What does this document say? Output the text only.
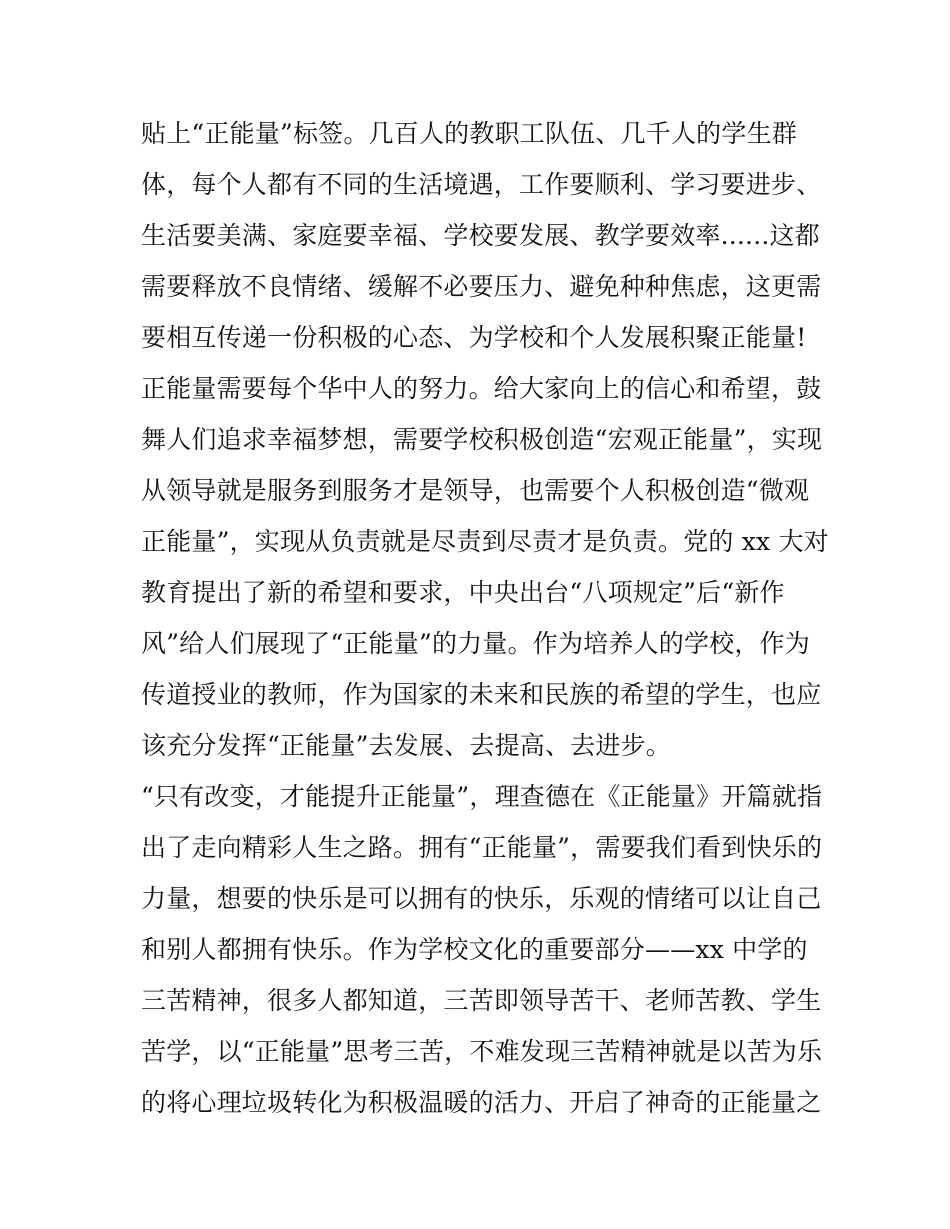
贴上“正能量”标签。几百人的教职工队伍、几千人的学生群
体，每个人都有不同的生活境遇，工作要顺利、学习要进步、
生活要美满、家庭要幸福、学校要发展、教学要效率......这都
需要释放不良情绪、缓解不必要压力、避免种种焦虑，这更需
要相互传递一份积极的心态、为学校和个人发展积聚正能量!
正能量需要每个华中人的努力。给大家向上的信心和希望，鼓
舞人们追求幸福梦想，需要学校积极创造“宏观正能量”，实现
从领导就是服务到服务才是领导，也需要个人积极创造“微观
正能量”，实现从负责就是尽责到尽责才是负责。党的 xx 大对
教育提出了新的希望和要求，中央出台“八项规定”后“新作
风”给人们展现了“正能量”的力量。作为培养人的学校，作为
传道授业的教师，作为国家的未来和民族的希望的学生，也应
该充分发挥“正能量”去发展、去提高、去进步。
“只有改变，才能提升正能量”，理查德在《正能量》开篇就指
出了走向精彩人生之路。拥有“正能量”，需要我们看到快乐的
力量，想要的快乐是可以拥有的快乐，乐观的情绪可以让自己
和别人都拥有快乐。作为学校文化的重要部分——xx 中学的
三苦精神，很多人都知道，三苦即领导苦干、老师苦教、学生
苦学，以“正能量”思考三苦，不难发现三苦精神就是以苦为乐
的将心理垃圾转化为积极温暖的活力、开启了神奇的正能量之
